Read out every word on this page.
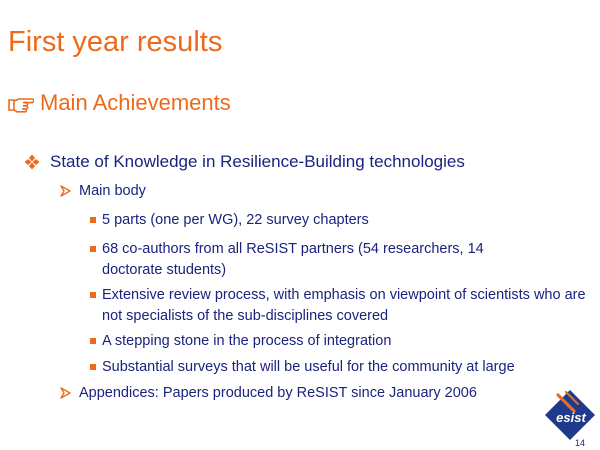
First year results
Main Achievements
State of Knowledge in Resilience-Building technologies
Main body
5 parts (one per WG), 22 survey chapters
68 co-authors from all ReSIST partners (54 researchers, 14 doctorate students)
Extensive review process, with emphasis on viewpoint of scientists who are not specialists of the sub-disciplines covered
A stepping stone in the process of integration
Substantial surveys that will be useful for the community at large
Appendices: Papers produced by ReSIST since January 2006
esist
14
